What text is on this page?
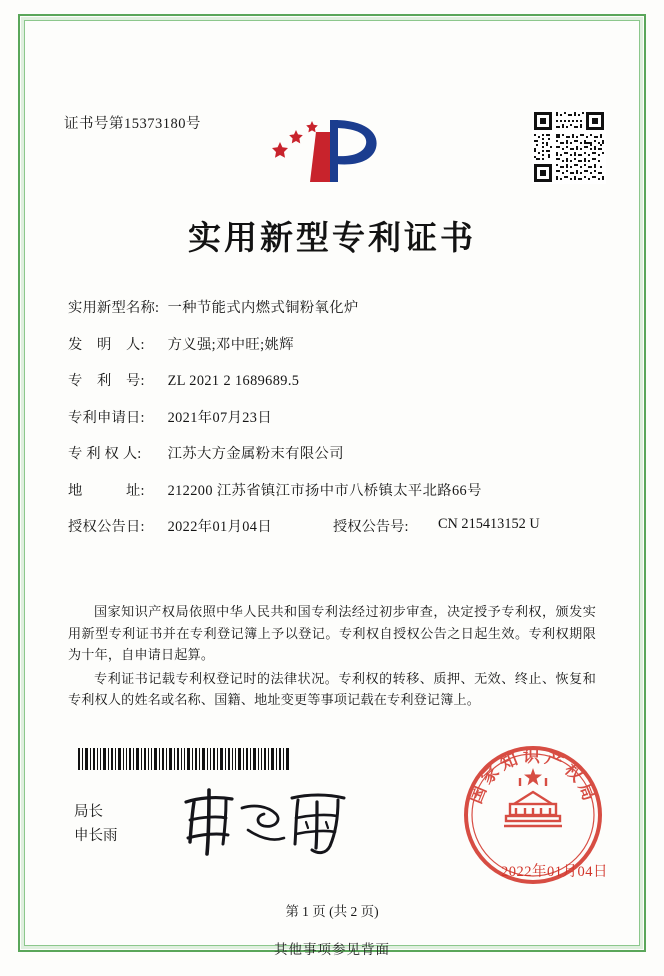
证书号第15373180号
实用新型专利证书
实用新型名称: 一种节能式内燃式铜粉氧化炉
发　明　人: 方义强;邓中旺;姚辉
专　利　号: ZL 2021 2 1689689.5
专利申请日: 2021年07月23日
专 利 权 人: 江苏大方金属粉末有限公司
地　　　址: 212200 江苏省镇江市扬中市八桥镇太平北路66号
授权公告日: 2022年01月04日	授权公告号: CN 215413152 U

国家知识产权局依照中华人民共和国专利法经过初步审查，决定授予专利权，颁发实用新型专利证书并在专利登记簿上予以登记。专利权自授权公告之日起生效。专利权期限为十年，自申请日起算。

专利证书记载专利权登记时的法律状况。专利权的转移、质押、无效、终止、恢复和专利权人的姓名或名称、国籍、地址变更等事项记载在专利登记簿上。

局长
申长雨
国家知识产权局
2022年01月04日
第 1 页 (共 2 页)
其他事项参见背面
